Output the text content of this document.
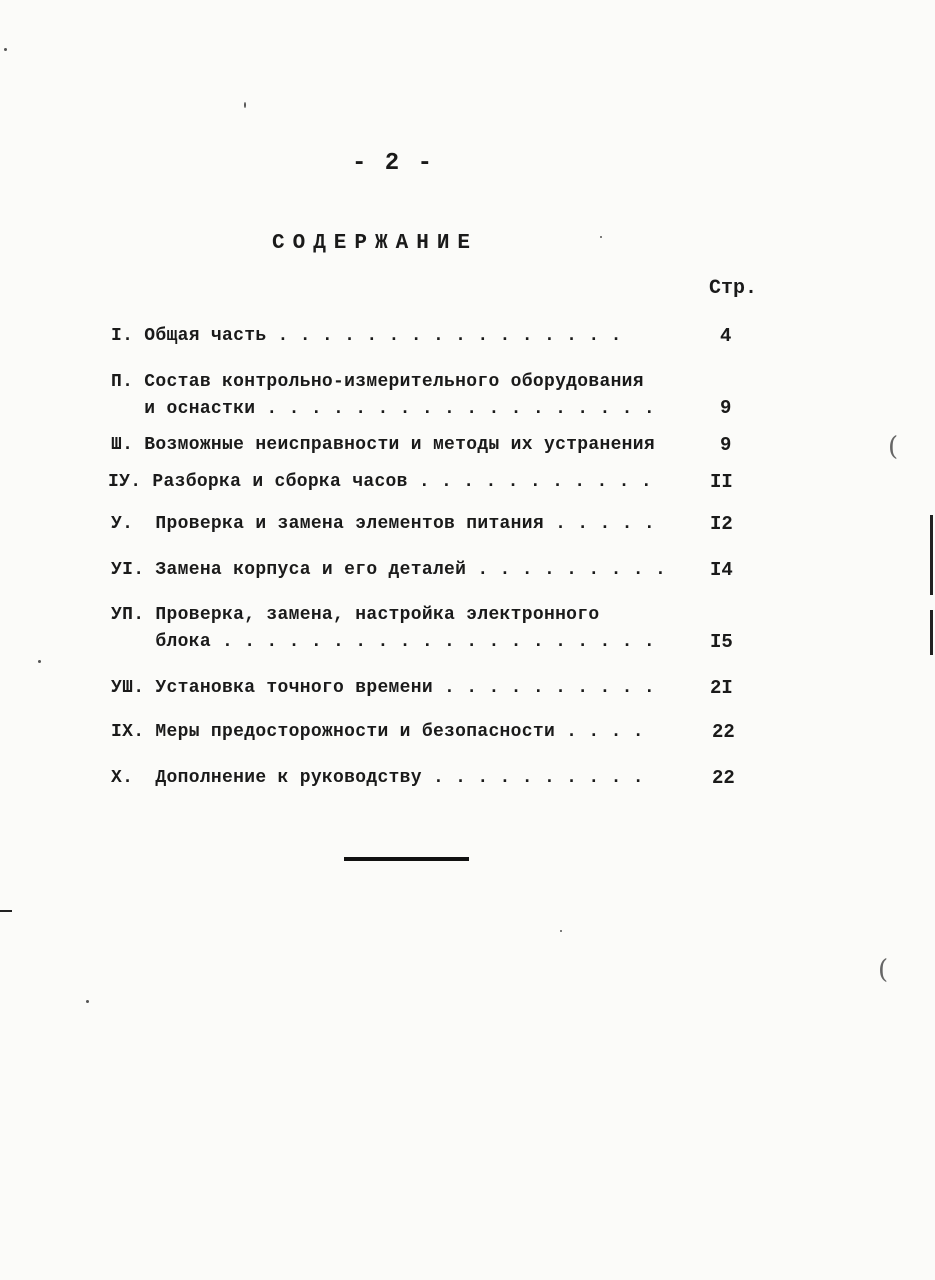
- 2 -
СОДЕРЖАНИЕ
Стр.
I. Общая часть . . . . . . . . . . . . . . . .	4
П. Состав контрольно-измерительного оборудования
и оснастки . . . . . . . . . . . . . . . . . .	9
Ш. Возможные неисправности и методы их устранения	9
IУ. Разборка и сборка часов . . . . . . . . . . .	II
У.  Проверка и замена элементов питания . . . . .	I2
УI. Замена корпуса и его деталей . . . . . . . . . I4
УП. Проверка, замена, настройка электронного
блока . . . . . . . . . . . . . . . . . . . .	I5
УШ. Установка точного времени . . . . . . . . . .	2I
IX. Меры предосторожности и безопасности . . . .	22
X.  Дополнение к руководству . . . . . . . . . .	22
(
(
